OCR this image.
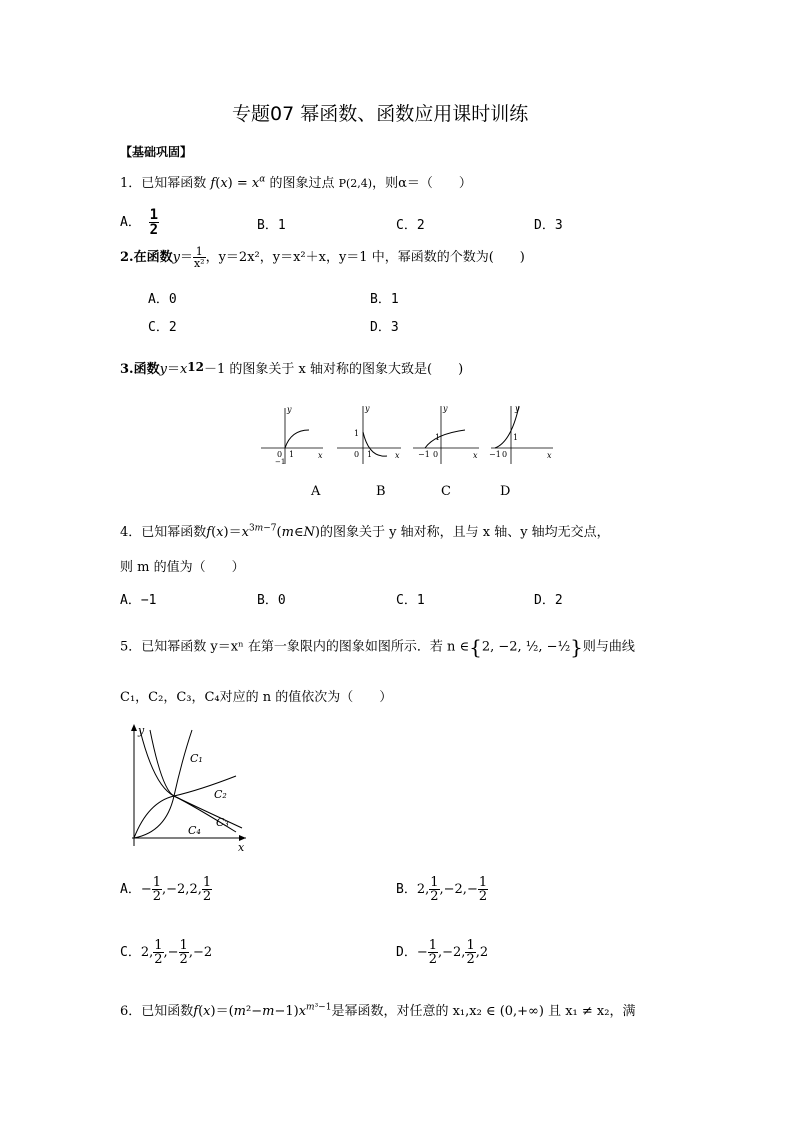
专题07 幂函数、函数应用课时训练
【基础巩固】
1．已知幂函数 $f(x) = x^\alpha$ 的图象过点 P(2,4)，则α＝（　　）
A． $\frac{1}{2}$	B．1	C．2	D．3
2.在函数$y= \frac{1}{\text{x²}}$ ，y＝2x²，y＝x²＋x，y＝1 中，幂函数的个数为(　　)
A．0	B．1
C．2	D．3
3.函数y＝x12－1 的图象关于 x 轴对称的图象大致是(　　)
0 1
−1
y
x
1
0 1
y
x −1 0
1
y
x −1 0
1
y
x
A	B	C	D
4．已知幂函数$f(x)=x^{3m-7}(m\in N)$的图象关于 y 轴对称，且与 x 轴、y 轴均无交点，
则 m 的值为（　　）
A．−1	B．0	C．1	D．2
5．已知幂函数 y＝xⁿ 在第一象限内的图象如图所示．若 n ∈{2, −2, ½, −½}则与曲线
C₁，C₂，C₃，C₄对应的 n 的值依次为（　　）
y
x
C₁
C₂
C₃
C₄
A．− $\frac{1}{2} ,-2,2$, $\frac{1}{2}$	B．2, $\frac{1}{2} ,-2,- \frac{1}{2}$
C．2, $\frac{1}{2}$ ,− $\frac{1}{2} ,-2$	D．− $\frac{1}{2} ,-2$, $\frac{1}{2} ,2$
6．已知函数$f(x)=(m^2-m-1)x^{m^3-1}$是幂函数，对任意的 x₁,x₂ ∈ (0,+∞) 且 x₁ ≠ x₂，满
